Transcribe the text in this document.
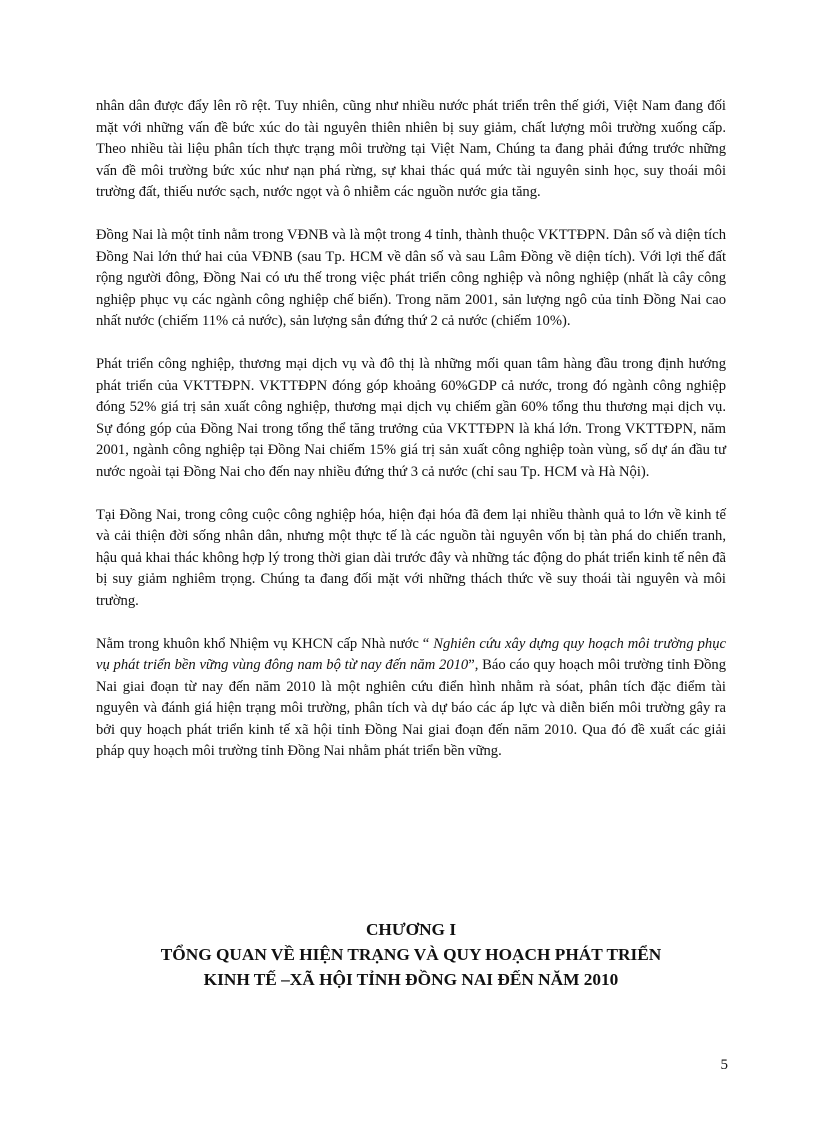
nhân dân được đẩy lên rõ rệt. Tuy nhiên, cũng như nhiều nước phát triển trên thế giới, Việt Nam đang đối mặt với những vấn đề bức xúc do tài nguyên thiên nhiên bị suy giảm, chất lượng môi trường xuống cấp. Theo nhiều tài liệu phân tích thực trạng môi trường tại Việt Nam, Chúng ta đang phải đứng trước những vấn đề môi trường bức xúc như nạn phá rừng, sự khai thác quá mức tài nguyên sinh học, suy thoái môi trường đất, thiếu nước sạch, nước ngọt và ô nhiễm các nguồn nước gia tăng.

Đồng Nai là một tỉnh nằm trong VĐNB và là một trong 4 tỉnh, thành thuộc VKTTĐPN. Dân số và diện tích Đồng Nai lớn thứ hai của VĐNB (sau Tp. HCM về dân số và sau Lâm Đồng về diện tích). Với lợi thế đất rộng người đông, Đồng Nai có ưu thế trong việc phát triển công nghiệp và nông nghiệp (nhất là cây công nghiệp phục vụ các ngành công nghiệp chế biến). Trong năm 2001, sản lượng ngô của tỉnh Đồng Nai cao nhất nước (chiếm 11% cả nước), sản lượng sắn đứng thứ 2 cả nước (chiếm 10%).

Phát triển công nghiệp, thương mại dịch vụ và đô thị là những mối quan tâm hàng đầu trong định hướng phát triển của VKTTĐPN. VKTTĐPN đóng góp khoảng 60%GDP cả nước, trong đó ngành công nghiệp đóng 52% giá trị sản xuất công nghiệp, thương mại dịch vụ chiếm gần 60% tổng thu thương mại dịch vụ. Sự đóng góp của Đồng Nai trong tổng thể tăng trưởng của VKTTĐPN là khá lớn. Trong VKTTĐPN, năm 2001, ngành công nghiệp tại Đồng Nai chiếm 15% giá trị sản xuất công nghiệp toàn vùng, số dự án đầu tư nước ngoài tại Đồng Nai cho đến nay nhiều đứng thứ 3 cả nước (chỉ sau Tp. HCM và Hà Nội).

Tại Đồng Nai, trong công cuộc công nghiệp hóa, hiện đại hóa đã đem lại nhiều thành quả to lớn về kinh tế và cải thiện đời sống nhân dân, nhưng một thực tế là các nguồn tài nguyên vốn bị tàn phá do chiến tranh, hậu quả khai thác không hợp lý trong thời gian dài trước đây và những tác động do phát triển kinh tế nên đã bị suy giảm nghiêm trọng. Chúng ta đang đối mặt với những thách thức về suy thoái tài nguyên và môi trường.

Nằm trong khuôn khổ Nhiệm vụ KHCN cấp Nhà nước “ Nghiên cứu xây dựng quy hoạch môi trường phục vụ phát triển bền vững vùng đông nam bộ từ nay đến năm 2010”, Báo cáo quy hoạch môi trường tỉnh Đồng Nai giai đoạn từ nay đến năm 2010 là một nghiên cứu điển hình nhằm rà sóat, phân tích đặc điểm tài nguyên và đánh giá hiện trạng môi trường, phân tích và dự báo các áp lực và diễn biến môi trường gây ra bởi quy hoạch phát triển kinh tế xã hội tỉnh Đồng Nai giai đoạn đến năm 2010. Qua đó đề xuất các giải pháp quy hoạch môi trường tỉnh Đồng Nai nhằm phát triển bền vững.

CHƯƠNG I
TỔNG QUAN VỀ HIỆN TRẠNG VÀ QUY HOẠCH PHÁT TRIỂN
KINH TẾ –XÃ HỘI TỈNH ĐỒNG NAI ĐẾN NĂM 2010
5
